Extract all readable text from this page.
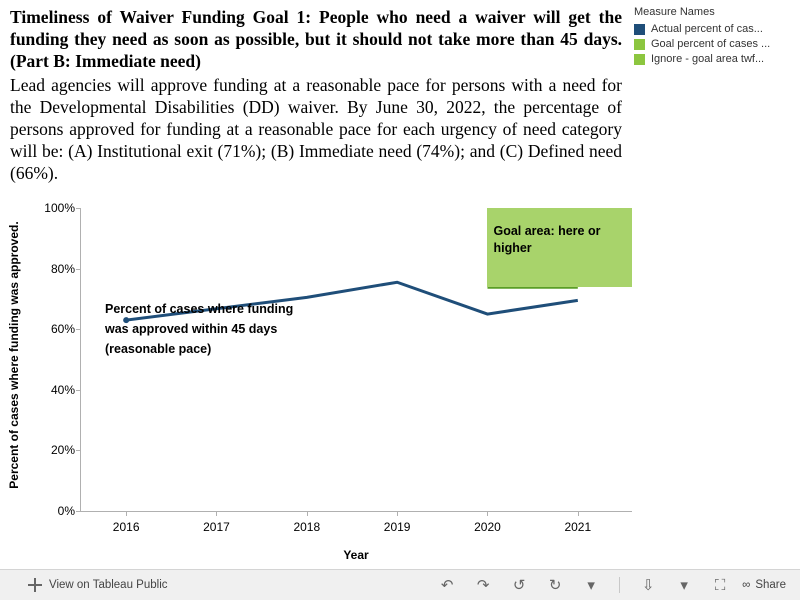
Timeliness of Waiver Funding Goal 1: People who need a waiver will get the funding they need as soon as possible, but it should not take more than 45 days. (Part B: Immediate need)

Lead agencies will approve funding at a reasonable pace for persons with a need for the Developmental Disabilities (DD) waiver. By June 30, 2022, the percentage of persons approved for funding at a reasonable pace for each urgency of need category will be: (A) Institutional exit (71%); (B) Immediate need (74%); and (C) Defined need (66%).

Measure Names
Actual percent of cas...
Goal percent of cases ...
Ignore - goal area twf...
Percent of cases where funding was approved.
0%
20%
40%
60%
80%
100%
2016	2017	2018	2019	2020	2021
Goal area: here or higher
Percent of cases where funding was approved within 45 days (reasonable pace)
Year
View on Tableau Public	↶	↷	↺	↻	▾	⇩	▾	⛶	∞ Share
